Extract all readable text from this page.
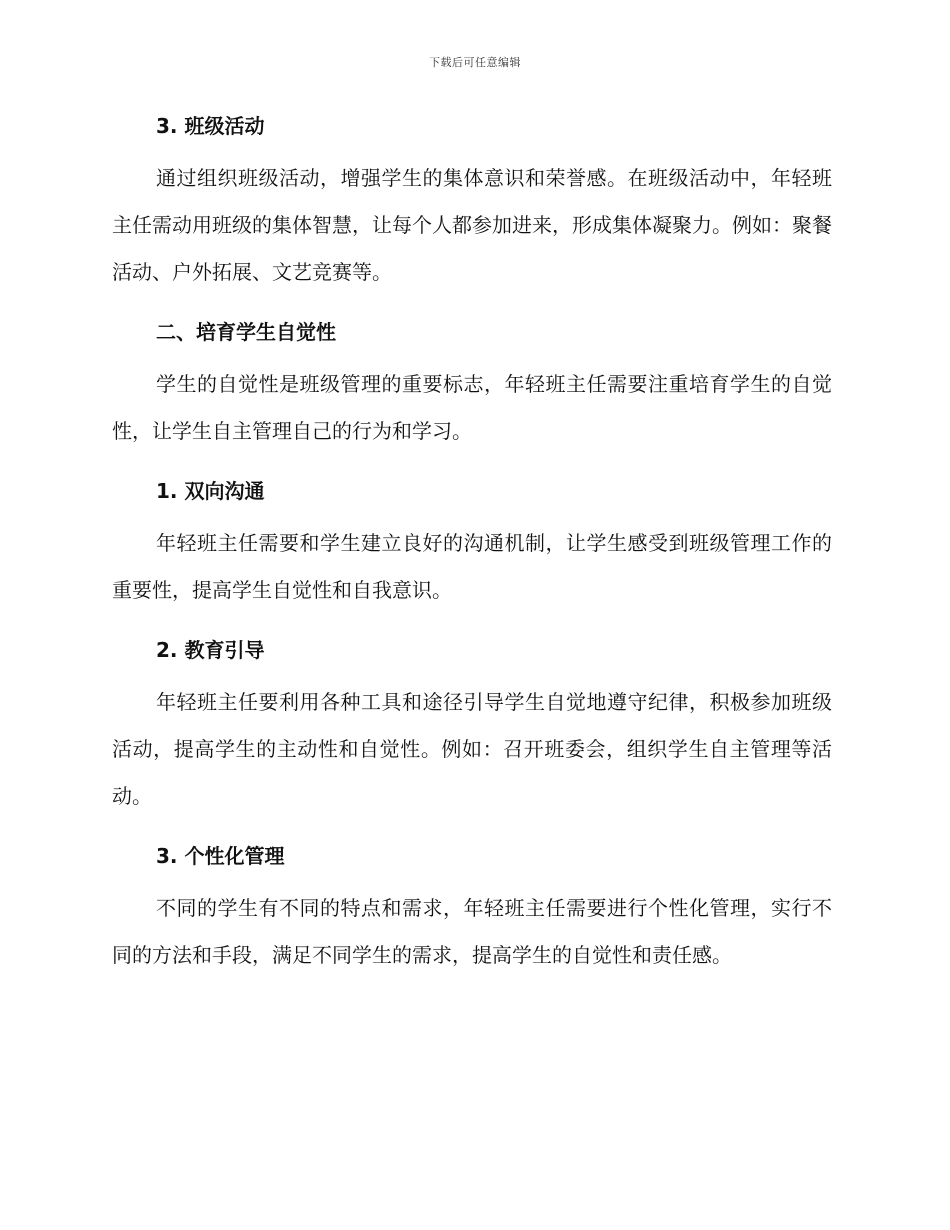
下载后可任意编辑
3. 班级活动

通过组织班级活动，增强学生的集体意识和荣誉感。在班级活动中，年轻班主任需动用班级的集体智慧，让每个人都参加进来，形成集体凝聚力。例如：聚餐活动、户外拓展、文艺竞赛等。

二、培育学生自觉性

学生的自觉性是班级管理的重要标志，年轻班主任需要注重培育学生的自觉性，让学生自主管理自己的行为和学习。

1. 双向沟通

年轻班主任需要和学生建立良好的沟通机制，让学生感受到班级管理工作的重要性，提高学生自觉性和自我意识。

2. 教育引导

年轻班主任要利用各种工具和途径引导学生自觉地遵守纪律，积极参加班级活动，提高学生的主动性和自觉性。例如：召开班委会，组织学生自主管理等活动。

3. 个性化管理

不同的学生有不同的特点和需求，年轻班主任需要进行个性化管理，实行不同的方法和手段，满足不同学生的需求，提高学生的自觉性和责任感。
